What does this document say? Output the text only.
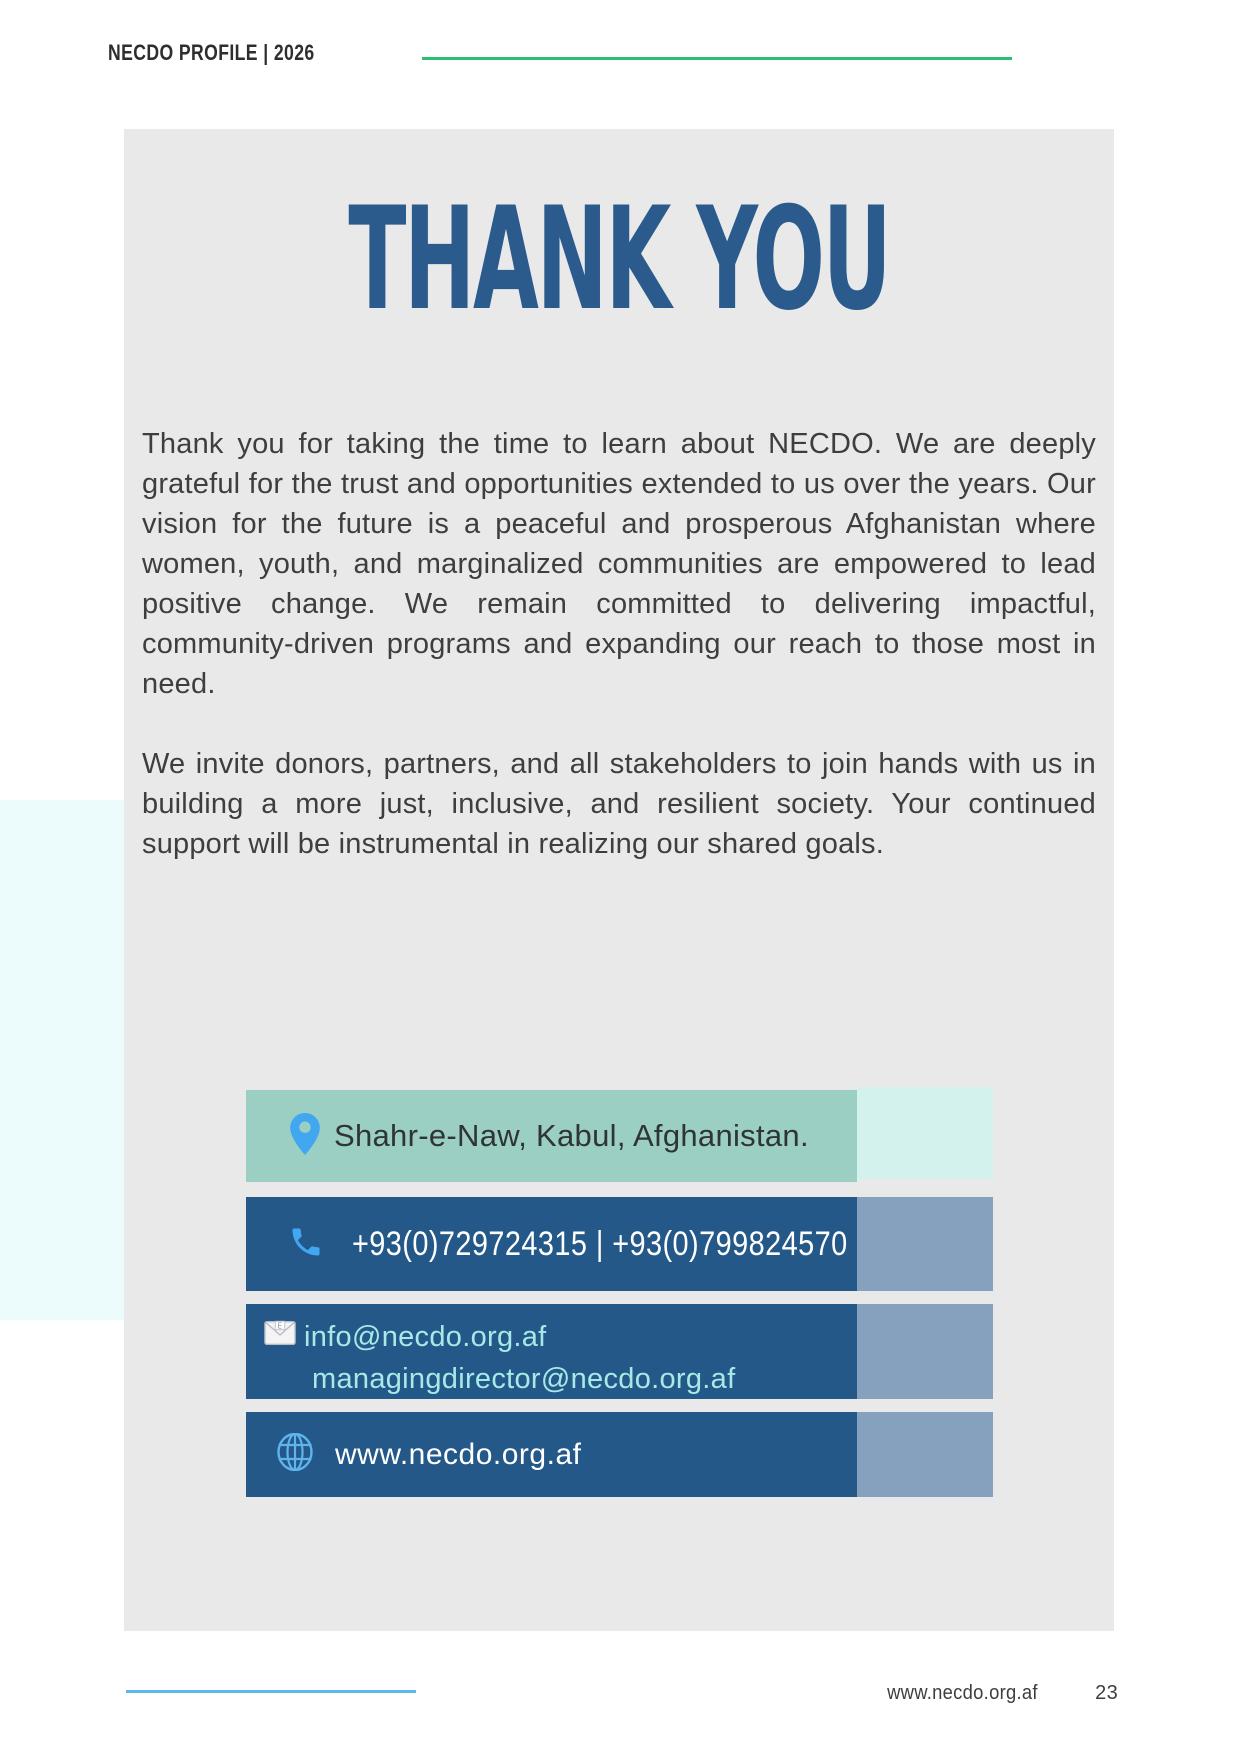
NECDO PROFILE | 2026
THANK YOU

Thank you for taking the time to learn about NECDO. We are deeply grateful for the trust and opportunities extended to us over the years. Our vision for the future is a peaceful and prosperous Afghanistan where women, youth, and marginalized communities are empowered to lead positive change. We remain committed to delivering impactful, community-driven programs and expanding our reach to those most in need.

We invite donors, partners, and all stakeholders to join hands with us in building a more just, inclusive, and resilient society. Your continued support will be instrumental in realizing our shared goals.

Shahr-e-Naw, Kabul, Afghanistan.
+93(0)729724315 | +93(0)799824570
E info@necdo.org.af
managingdirector@necdo.org.af
www.necdo.org.af
www.necdo.org.af	23
